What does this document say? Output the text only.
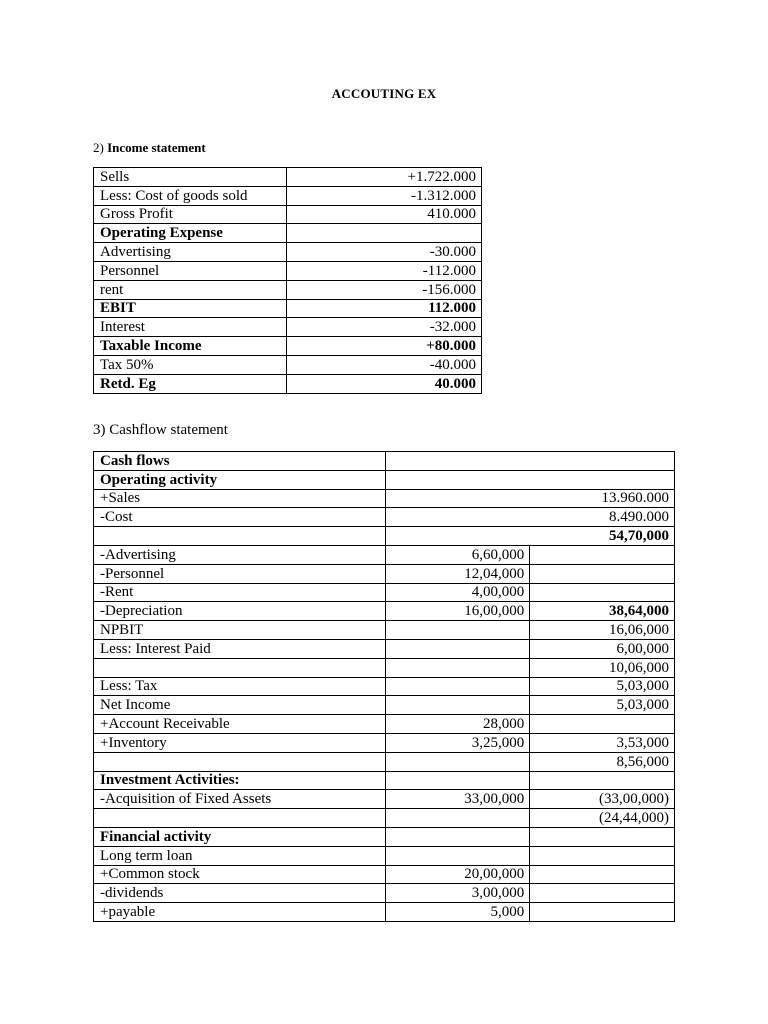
ACCOUTING EX
2) Income statement
Sells	+1.722.000
Less: Cost of goods sold	-1.312.000
Gross Profit	410.000
Operating Expense	
Advertising	-30.000
Personnel	-112.000
rent	-156.000
EBIT	112.000
Interest	-32.000
Taxable Income	+80.000
Tax 50%	-40.000
Retd. Eg	40.000
3) Cashflow statement
Cash flows		
Operating activity		
+Sales	13.960.000	
-Cost	8.490.000	
	54,70,000	
-Advertising	6,60,000	
-Personnel	12,04,000	
-Rent	4,00,000	
-Depreciation	16,00,000	38,64,000
NPBIT		16,06,000
Less: Interest Paid		6,00,000
		10,06,000
Less: Tax		5,03,000
Net Income		5,03,000
+Account Receivable	28,000	
+Inventory	3,25,000	3,53,000
		8,56,000
Investment Activities:		
-Acquisition of Fixed Assets	33,00,000	(33,00,000)
		(24,44,000)
Financial activity		
Long term loan		
+Common stock	20,00,000	
-dividends	3,00,000	
+payable	5,000	
